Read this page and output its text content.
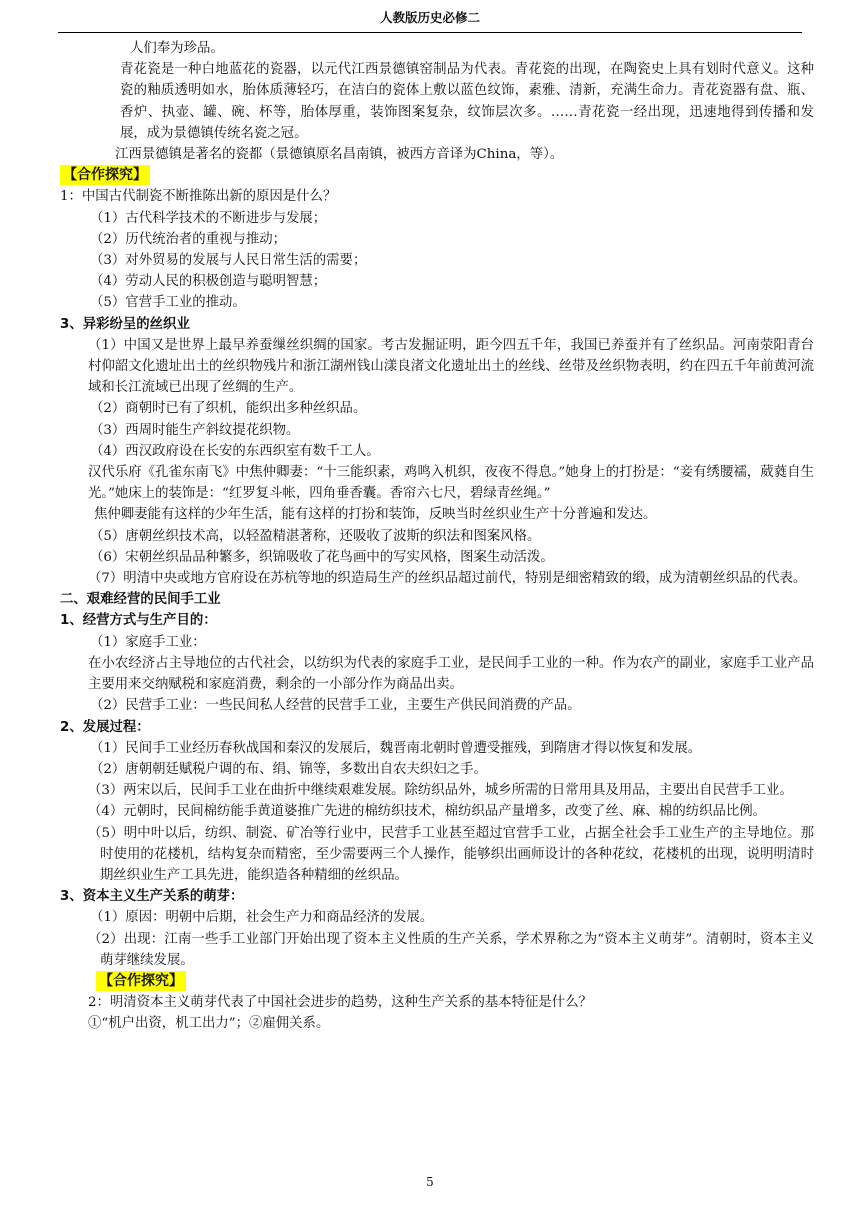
人教版历史必修二
人们奉为珍品。
青花瓷是一种白地蓝花的瓷器，以元代江西景德镇窑制品为代表。青花瓷的出现，在陶瓷史上具有划时代意义。这种瓷的釉质透明如水，胎体质薄轻巧，在洁白的瓷体上敷以蓝色纹饰，素雅、清新，充满生命力。青花瓷器有盘、瓶、香炉、执壶、罐、碗、杯等，胎体厚重，装饰图案复杂，纹饰层次多。……青花瓷一经出现，迅速地得到传播和发展，成为景德镇传统名瓷之冠。
江西景德镇是著名的瓷都（景德镇原名昌南镇，被西方音译为China，等）。
【合作探究】
1：中国古代制瓷不断推陈出新的原因是什么？
（1）古代科学技术的不断进步与发展；
（2）历代统治者的重视与推动；
（3）对外贸易的发展与人民日常生活的需要；
（4）劳动人民的积极创造与聪明智慧；
（5）官营手工业的推动。
3、异彩纷呈的丝织业
（1）中国又是世界上最早养蚕缫丝织绸的国家。考古发掘证明，距今四五千年，我国已养蚕并有了丝织品。河南荥阳青台村仰韶文化遗址出土的丝织物残片和浙江湖州钱山漾良渚文化遗址出土的丝线、丝带及丝织物表明，约在四五千年前黄河流域和长江流域已出现了丝绸的生产。
（2）商朝时已有了织机，能织出多种丝织品。
（3）西周时能生产斜纹提花织物。
（4）西汉政府设在长安的东西织室有数千工人。
汉代乐府《孔雀东南飞》中焦仲卿妻：“十三能织素，鸡鸣入机织，夜夜不得息。”她身上的打扮是：“妾有绣腰襦，葳蕤自生光。”她床上的装饰是：“红罗复斗帐，四角垂香囊。香帘六七尺，碧绿青丝绳。”
焦仲卿妻能有这样的少年生活，能有这样的打扮和装饰，反映当时丝织业生产十分普遍和发达。
（5）唐朝丝织技术高，以轻盈精湛著称，还吸收了波斯的织法和图案风格。
（6）宋朝丝织品品种繁多，织锦吸收了花鸟画中的写实风格，图案生动活泼。
（7）明清中央或地方官府设在苏杭等地的织造局生产的丝织品超过前代，特别是细密精致的缎，成为清朝丝织品的代表。
二、艰难经营的民间手工业
1、经营方式与生产目的：
（1）家庭手工业：
在小农经济占主导地位的古代社会，以纺织为代表的家庭手工业，是民间手工业的一种。作为农产的副业，家庭手工业产品主要用来交纳赋税和家庭消费，剩余的一小部分作为商品出卖。
（2）民营手工业：一些民间私人经营的民营手工业，主要生产供民间消费的产品。
2、发展过程：
（1）民间手工业经历春秋战国和秦汉的发展后，魏晋南北朝时曾遭受摧残，到隋唐才得以恢复和发展。
（2）唐朝朝廷赋税户调的布、绢、锦等，多数出自农夫织妇之手。
（3）两宋以后，民间手工业在曲折中继续艰难发展。除纺织品外，城乡所需的日常用具及用品，主要出自民营手工业。
（4）元朝时，民间棉纺能手黄道婆推广先进的棉纺织技术，棉纺织品产量增多，改变了丝、麻、棉的纺织品比例。
（5）明中叶以后，纺织、制瓷、矿冶等行业中，民营手工业甚至超过官营手工业，占据全社会手工业生产的主导地位。那时使用的花楼机，结构复杂而精密，至少需要两三个人操作，能够织出画师设计的各种花纹，花楼机的出现，说明明清时期丝织业生产工具先进，能织造各种精细的丝织品。
3、资本主义生产关系的萌芽：
（1）原因：明朝中后期，社会生产力和商品经济的发展。
（2）出现：江南一些手工业部门开始出现了资本主义性质的生产关系，学术界称之为“资本主义萌芽”。清朝时，资本主义萌芽继续发展。
【合作探究】
2：明清资本主义萌芽代表了中国社会进步的趋势，这种生产关系的基本特征是什么？
①“机户出资，机工出力”；②雇佣关系。
5
